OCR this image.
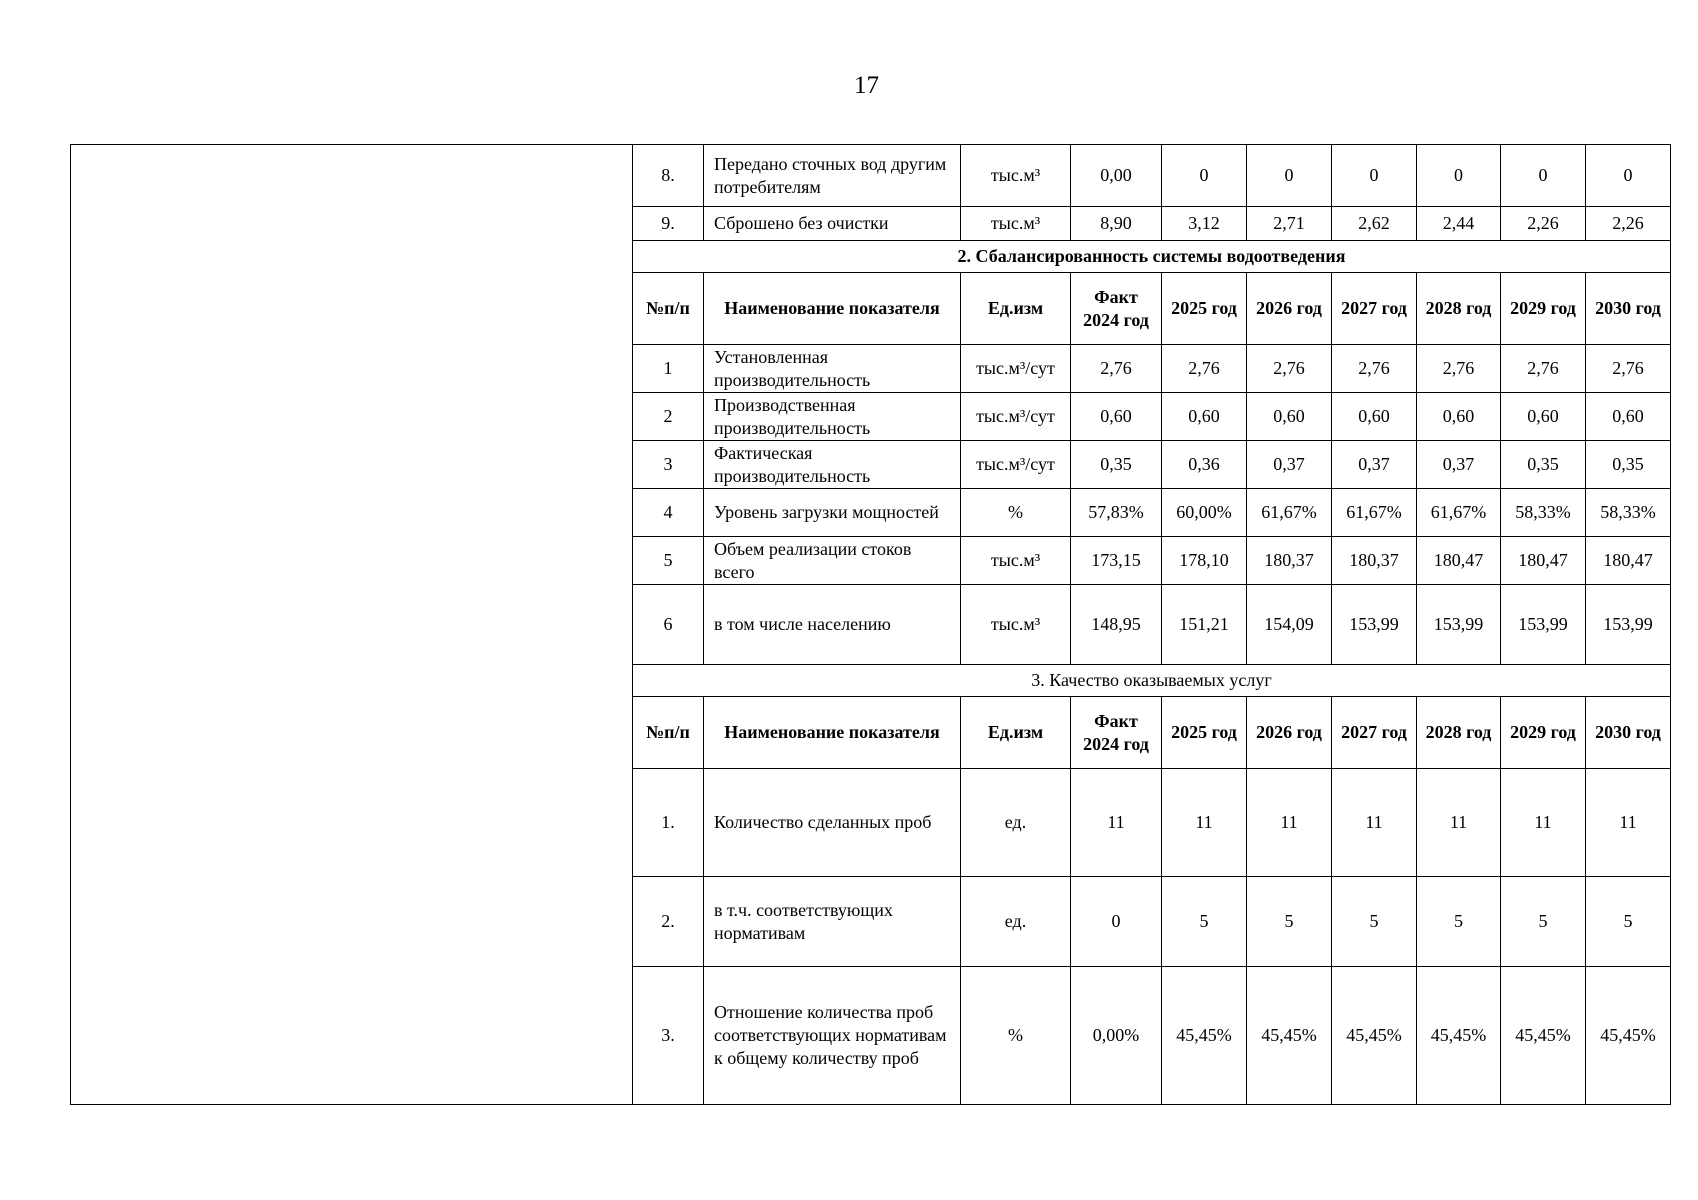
17
	8.	Передано сточных вод другим потребителям	тыс.м³	0,00	0	0	0	0	0	0
	9.	Сброшено без очистки	тыс.м³	8,90	3,12	2,71	2,62	2,44	2,26	2,26
	2. Сбалансированность системы водоотведения									
	№п/п	Наименование показателя	Ед.изм	Факт 2024 год	2025 год	2026 год	2027 год	2028 год	2029 год	2030 год
	1	Установленная производительность	тыс.м³/сут	2,76	2,76	2,76	2,76	2,76	2,76	2,76
	2	Производственная производительность	тыс.м³/сут	0,60	0,60	0,60	0,60	0,60	0,60	0,60
	3	Фактическая производительность	тыс.м³/сут	0,35	0,36	0,37	0,37	0,37	0,35	0,35
	4	Уровень загрузки мощностей	%	57,83%	60,00%	61,67%	61,67%	61,67%	58,33%	58,33%
	5	Объем реализации стоков всего	тыс.м³	173,15	178,10	180,37	180,37	180,47	180,47	180,47
	6	в том числе населению	тыс.м³	148,95	151,21	154,09	153,99	153,99	153,99	153,99
	3. Качество оказываемых услуг									
	№п/п	Наименование показателя	Ед.изм	Факт 2024 год	2025 год	2026 год	2027 год	2028 год	2029 год	2030 год
	1.	Количество сделанных проб	ед.	11	11	11	11	11	11	11
	2.	в т.ч. соответствующих нормативам	ед.	0	5	5	5	5	5	5
	3.	Отношение количества проб соответствующих нормативам к общему количеству проб	%	0,00%	45,45%	45,45%	45,45%	45,45%	45,45%	45,45%
